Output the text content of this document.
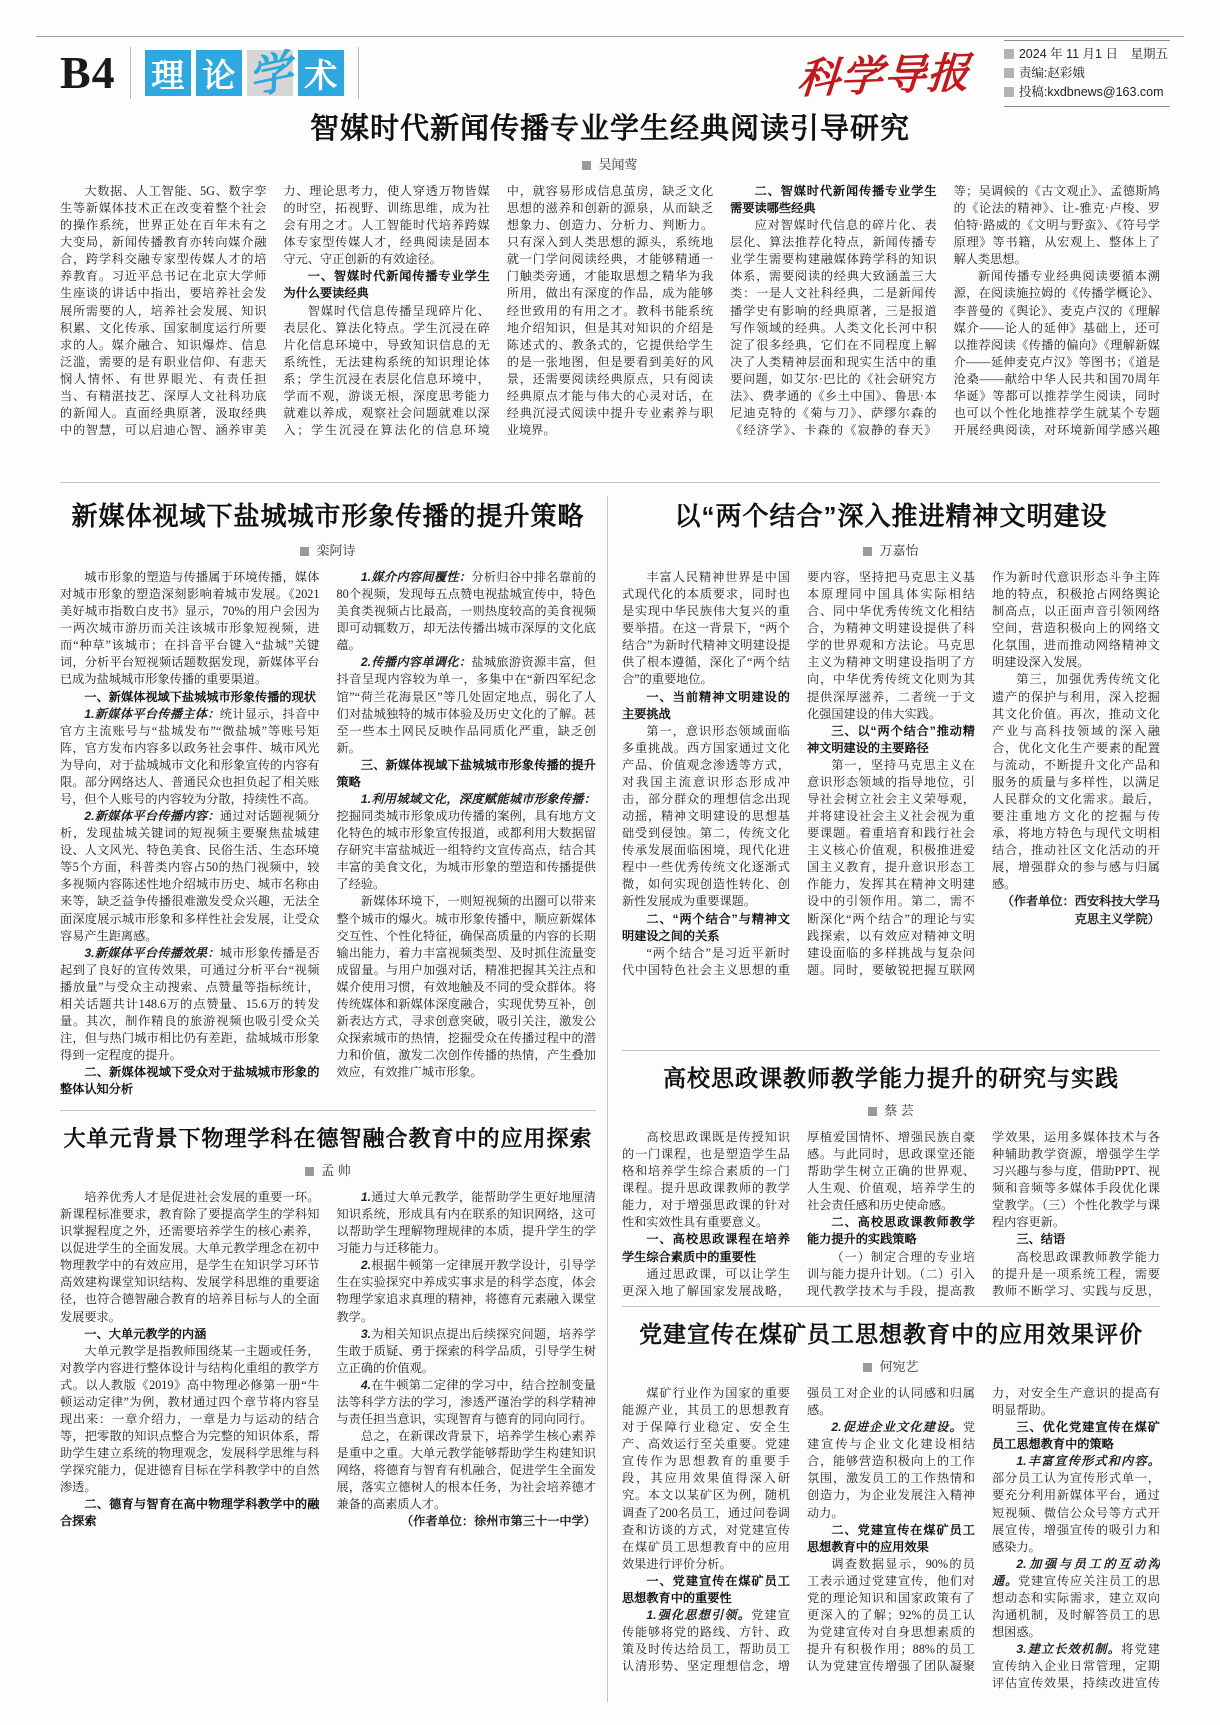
B4 理 论 学 术	科学导报	2024 年 11 月1 日　星期五
责编:赵彩娥
投稿:kxdbnews@163.com
智媒时代新闻传播专业学生经典阅读引导研究
吴闻莺

大数据、人工智能、5G、数字孪生等新媒体技术正在改变着整个社会的操作系统，世界正处在百年未有之大变局，新闻传播教育亦转向媒介融合，跨学科交融专家型传媒人才的培养教育。习近平总书记在北京大学师生座谈的讲话中指出，要培养社会发展所需要的人，培养社会发展、知识积累、文化传承、国家制度运行所要求的人。媒介融合、知识爆炸、信息泛滥，需要的是有职业信仰、有悲天悯人情怀、有世界眼光、有责任担当、有精湛技艺、深厚人文社科功底的新闻人。直面经典原著，汲取经典中的智慧，可以启迪心智、涵养审美力、理论思考力，使人穿透万物皆媒的时空，拓视野、训练思维，成为社会有用之才。人工智能时代培养跨媒体专家型传媒人才，经典阅读是固本守元、守正创新的有效途径。

一、智媒时代新闻传播专业学生为什么要读经典

智媒时代信息传播呈现碎片化、表层化、算法化特点。学生沉浸在碎片化信息环境中，导致知识信息的无系统性，无法建构系统的知识理论体系；学生沉浸在表层化信息环境中，学而不观，游谈无根，深度思考能力就难以养成，观察社会问题就难以深入；学生沉浸在算法化的信息环境中，就容易形成信息茧房，缺乏文化思想的滋养和创新的源泉，从而缺乏想象力、创造力、分析力、判断力。只有深入到人类思想的源头，系统地就一门学问阅读经典，才能够精通一门触类旁通，才能取思想之精华为我所用，做出有深度的作品，成为能够经世致用的有用之才。教科书能系统地介绍知识，但是其对知识的介绍是陈述式的、教条式的，它提供给学生的是一张地图，但是要看到美好的风景，还需要阅读经典原点，只有阅读经典原点才能与伟大的心灵对话，在经典沉浸式阅读中提升专业素养与职业境界。

二、智媒时代新闻传播专业学生需要读哪些经典

应对智媒时代信息的碎片化、表层化、算法推荐化特点，新闻传播专业学生需要构建融媒体跨学科的知识体系，需要阅读的经典大致涵盖三大类：一是人文社科经典，二是新闻传播学史有影响的经典原著，三是报道写作领域的经典。人类文化长河中积淀了很多经典，它们在不同程度上解决了人类精神层面和现实生活中的重要问题，如艾尔·巴比的《社会研究方法》、费孝通的《乡土中国》、鲁思·本尼迪克特的《菊与刀》、萨缪尔森的《经济学》、卡森的《寂静的春天》等；吴调候的《古文观止》、孟德斯鸠的《论法的精神》、让-雅克·卢梭、罗伯特·路威的《文明与野蛮》、《符号学原理》等书籍，从宏观上、整体上了解人类思想。

新闻传播专业经典阅读要循本溯源，在阅读施拉姆的《传播学概论》、李普曼的《舆论》、麦克卢汉的《理解媒介——论人的延伸》基础上，还可以推荐阅读《传播的偏向》《理解新媒介——延伸麦克卢汉》等图书；《道是沧桑——献给中华人民共和国70周年华诞》等都可以推荐学生阅读，同时也可以个性化地推荐学生就某个专题开展经典阅读，对环境新闻学感兴趣

新媒体视域下盐城城市形象传播的提升策略
栾阿诗

城市形象的塑造与传播属于环境传播，媒体对城市形象的塑造深刻影响着城市发展。《2021美好城市指数白皮书》显示，70%的用户会因为一两次城市游历而关注该城市形象短视频，进而“种草”该城市；在抖音平台键入“盐城”关键词，分析平台短视频话题数据发现，新媒体平台已成为盐城城市形象传播的重要渠道。

一、新媒体视域下盐城城市形象传播的现状

1.新媒体平台传播主体：统计显示，抖音中官方主流账号与“盐城发布”“微盐城”等账号矩阵，官方发布内容多以政务社会事件、城市风光为导向，对于盐城城市文化和形象宣传的内容有限。部分网络达人、普通民众也担负起了相关账号，但个人账号的内容较为分散，持续性不高。

2.新媒体平台传播内容：通过对话题视频分析，发现盐城关键词的短视频主要聚焦盐城建设、人文风光、特色美食、民俗生活、生态环境等5个方面，科普类内容占50的热门视频中，较多视频内容陈述性地介绍城市历史、城市名称由来等，缺乏益争传播很难激发受众兴趣，无法全面深度展示城市形象和多样性社会发展，让受众容易产生距离感。

3.新媒体平台传播效果：城市形象传播是否起到了良好的宣传效果，可通过分析平台“视频播放量”与受众主动搜索、点赞量等指标统计，相关话题共计148.6万的点赞量、15.6万的转发量。其次，制作精良的旅游视频也吸引受众关注，但与热门城市相比仍有差距，盐城城市形象得到一定程度的提升。

二、新媒体视域下受众对于盐城城市形象的整体认知分析

1.媒介内容间覆性：分析归谷中排名靠前的80个视频，发现每五点赞电视盐城宣传中，特色美食类视频占比最高，一则热度较高的美食视频即可动辄数万，却无法传播出城市深厚的文化底蕴。

2.传播内容单调化：盐城旅游资源丰富，但抖音呈现内容较为单一，多集中在“新四军纪念馆”“荷兰花海景区”等几处固定地点，弱化了人们对盐城独特的城市体验及历史文化的了解。甚至一些本土网民反映作品同质化严重，缺乏创新。

三、新媒体视域下盐城城市形象传播的提升策略

1.利用城域文化，深度赋能城市形象传播：挖掘同类城市形象成功传播的案例，具有地方文化特色的城市形象宣传报道，或都利用大数据留存研究丰富盐城近一组特约文宣传高点，结合其丰富的美食文化，为城市形象的塑造和传播提供了经验。

新媒体环境下，一则短视频的出圈可以带来整个城市的爆火。城市形象传播中，顺应新媒体交互性、个性化特征，确保高质量的内容的长期输出能力，着力丰富视频类型、及时抓住流量变成留量。与用户加强对话，精准把握其关注点和媒介使用习惯，有效地触及不同的受众群体。将传统媒体和新媒体深度融合，实现优势互补，创新表达方式，寻求创意突破，吸引关注，激发公众探索城市的热情，挖掘受众在传播过程中的潜力和价值，激发二次创作传播的热情，产生叠加效应，有效推广城市形象。

以“两个结合”深入推进精神文明建设
万嘉怡

丰富人民精神世界是中国式现代化的本质要求，同时也是实现中华民族伟大复兴的重要举措。在这一背景下，“两个结合”为新时代精神文明建设提供了根本遵循，深化了“两个结合”的重要地位。

一、当前精神文明建设的主要挑战

第一，意识形态领域面临多重挑战。西方国家通过文化产品、价值观念渗透等方式，对我国主流意识形态形成冲击，部分群众的理想信念出现动摇，精神文明建设的思想基础受到侵蚀。第二，传统文化传承发展面临困境，现代化进程中一些优秀传统文化逐渐式微，如何实现创造性转化、创新性发展成为重要课题。

二、“两个结合”与精神文明建设之间的关系

“两个结合”是习近平新时代中国特色社会主义思想的重要内容，坚持把马克思主义基本原理同中国具体实际相结合、同中华优秀传统文化相结合，为精神文明建设提供了科学的世界观和方法论。马克思主义为精神文明建设指明了方向，中华优秀传统文化则为其提供深厚滋养，二者统一于文化强国建设的伟大实践。

三、以“两个结合”推动精神文明建设的主要路径

第一，坚持马克思主义在意识形态领域的指导地位，引导社会树立社会主义荣辱观，并将建设社会主义社会视为重要课题。着重培育和践行社会主义核心价值观，积极推进爱国主义教育，提升意识形态工作能力，发挥其在精神文明建设中的引领作用。第二，需不断深化“两个结合”的理论与实践探索，以有效应对精神文明建设面临的多样挑战与复杂问题。同时，要敏锐把握互联网作为新时代意识形态斗争主阵地的特点，积极抢占网络舆论制高点，以正面声音引领网络空间，营造积极向上的网络文化氛围，进而推动网络精神文明建设深入发展。

第三，加强优秀传统文化遗产的保护与利用，深入挖掘其文化价值。再次，推动文化产业与高科技领域的深入融合，优化文化生产要素的配置与流动，不断提升文化产品和服务的质量与多样性，以满足人民群众的文化需求。最后，要注重地方文化的挖掘与传承，将地方特色与现代文明相结合，推动社区文化活动的开展，增强群众的参与感与归属感。

（作者单位：西安科技大学马克思主义学院）

大单元背景下物理学科在德智融合教育中的应用探索
孟 帅

培养优秀人才是促进社会发展的重要一环。新课程标准要求，教育除了要提高学生的学科知识掌握程度之外，还需要培养学生的核心素养，以促进学生的全面发展。大单元教学理念在初中物理教学中的有效应用，是学生在知识学习环节高效建构课堂知识结构、发展学科思维的重要途径，也符合德智融合教育的培养目标与人的全面发展要求。

一、大单元教学的内涵

大单元教学是指教师围绕某一主题或任务，对教学内容进行整体设计与结构化重组的教学方式。以人教版《2019》高中物理必修第一册“牛顿运动定律”为例，教材通过四个章节将内容呈现出来：一章介绍力，一章是力与运动的结合等，把零散的知识点整合为完整的知识体系，帮助学生建立系统的物理观念，发展科学思维与科学探究能力，促进德育目标在学科教学中的自然渗透。

二、德育与智育在高中物理学科教学中的融合探索

1.通过大单元教学，能帮助学生更好地厘清知识系统，形成具有内在联系的知识网络，这可以帮助学生理解物理规律的本质，提升学生的学习能力与迁移能力。

2.根据牛顿第一定律展开教学设计，引导学生在实验探究中养成实事求是的科学态度，体会物理学家追求真理的精神，将德育元素融入课堂教学。

3.为相关知识点提出后续探究问题，培养学生敢于质疑、勇于探索的科学品质，引导学生树立正确的价值观。

4.在牛顿第二定律的学习中，结合控制变量法等科学方法的学习，渗透严谨治学的科学精神与责任担当意识，实现智育与德育的同向同行。

总之，在新课改背景下，培养学生核心素养是重中之重。大单元教学能够帮助学生构建知识网络，将德育与智育有机融合，促进学生全面发展，落实立德树人的根本任务，为社会培养德才兼备的高素质人才。

（作者单位：徐州市第三十一中学）

高校思政课教师教学能力提升的研究与实践
蔡 芸

高校思政课既是传授知识的一门课程，也是塑造学生品格和培养学生综合素质的一门课程。提升思政课教师的教学能力，对于增强思政课的针对性和实效性具有重要意义。

一、高校思政课程在培养学生综合素质中的重要性

通过思政课，可以让学生更深入地了解国家发展战略，厚植爱国情怀、增强民族自豪感。与此同时，思政课堂还能帮助学生树立正确的世界观、人生观、价值观，培养学生的社会责任感和历史使命感。

二、高校思政课教师教学能力提升的实践策略

（一）制定合理的专业培训与能力提升计划。（二）引入现代教学技术与手段，提高教学效果，运用多媒体技术与各种辅助教学资源，增强学生学习兴趣与参与度，借助PPT、视频和音频等多媒体手段优化课堂教学。（三）个性化教学与课程内容更新。

三、结语

高校思政课教师教学能力的提升是一项系统工程，需要教师不断学习、实践与反思，

党建宣传在煤矿员工思想教育中的应用效果评价
何宛艺

煤矿行业作为国家的重要能源产业，其员工的思想教育对于保障行业稳定、安全生产、高效运行至关重要。党建宣传作为思想教育的重要手段，其应用效果值得深入研究。本文以某矿区为例，随机调查了200名员工，通过问卷调查和访谈的方式，对党建宣传在煤矿员工思想教育中的应用效果进行评价分析。

一、党建宣传在煤矿员工思想教育中的重要性

1.强化思想引领。党建宣传能够将党的路线、方针、政策及时传达给员工，帮助员工认清形势、坚定理想信念，增强员工对企业的认同感和归属感。

2.促进企业文化建设。党建宣传与企业文化建设相结合，能够营造积极向上的工作氛围，激发员工的工作热情和创造力，为企业发展注入精神动力。

二、党建宣传在煤矿员工思想教育中的应用效果

调查数据显示，90%的员工表示通过党建宣传，他们对党的理论知识和国家政策有了更深入的了解；92%的员工认为党建宣传对自身思想素质的提升有积极作用；88%的员工认为党建宣传增强了团队凝聚力，对安全生产意识的提高有明显帮助。

三、优化党建宣传在煤矿员工思想教育中的策略

1.丰富宣传形式和内容。部分员工认为宣传形式单一，要充分利用新媒体平台，通过短视频、微信公众号等方式开展宣传，增强宣传的吸引力和感染力。

2.加强与员工的互动沟通。党建宣传应关注员工的思想动态和实际需求，建立双向沟通机制，及时解答员工的思想困惑。

3.建立长效机制。将党建宣传纳入企业日常管理，定期评估宣传效果，持续改进宣传
